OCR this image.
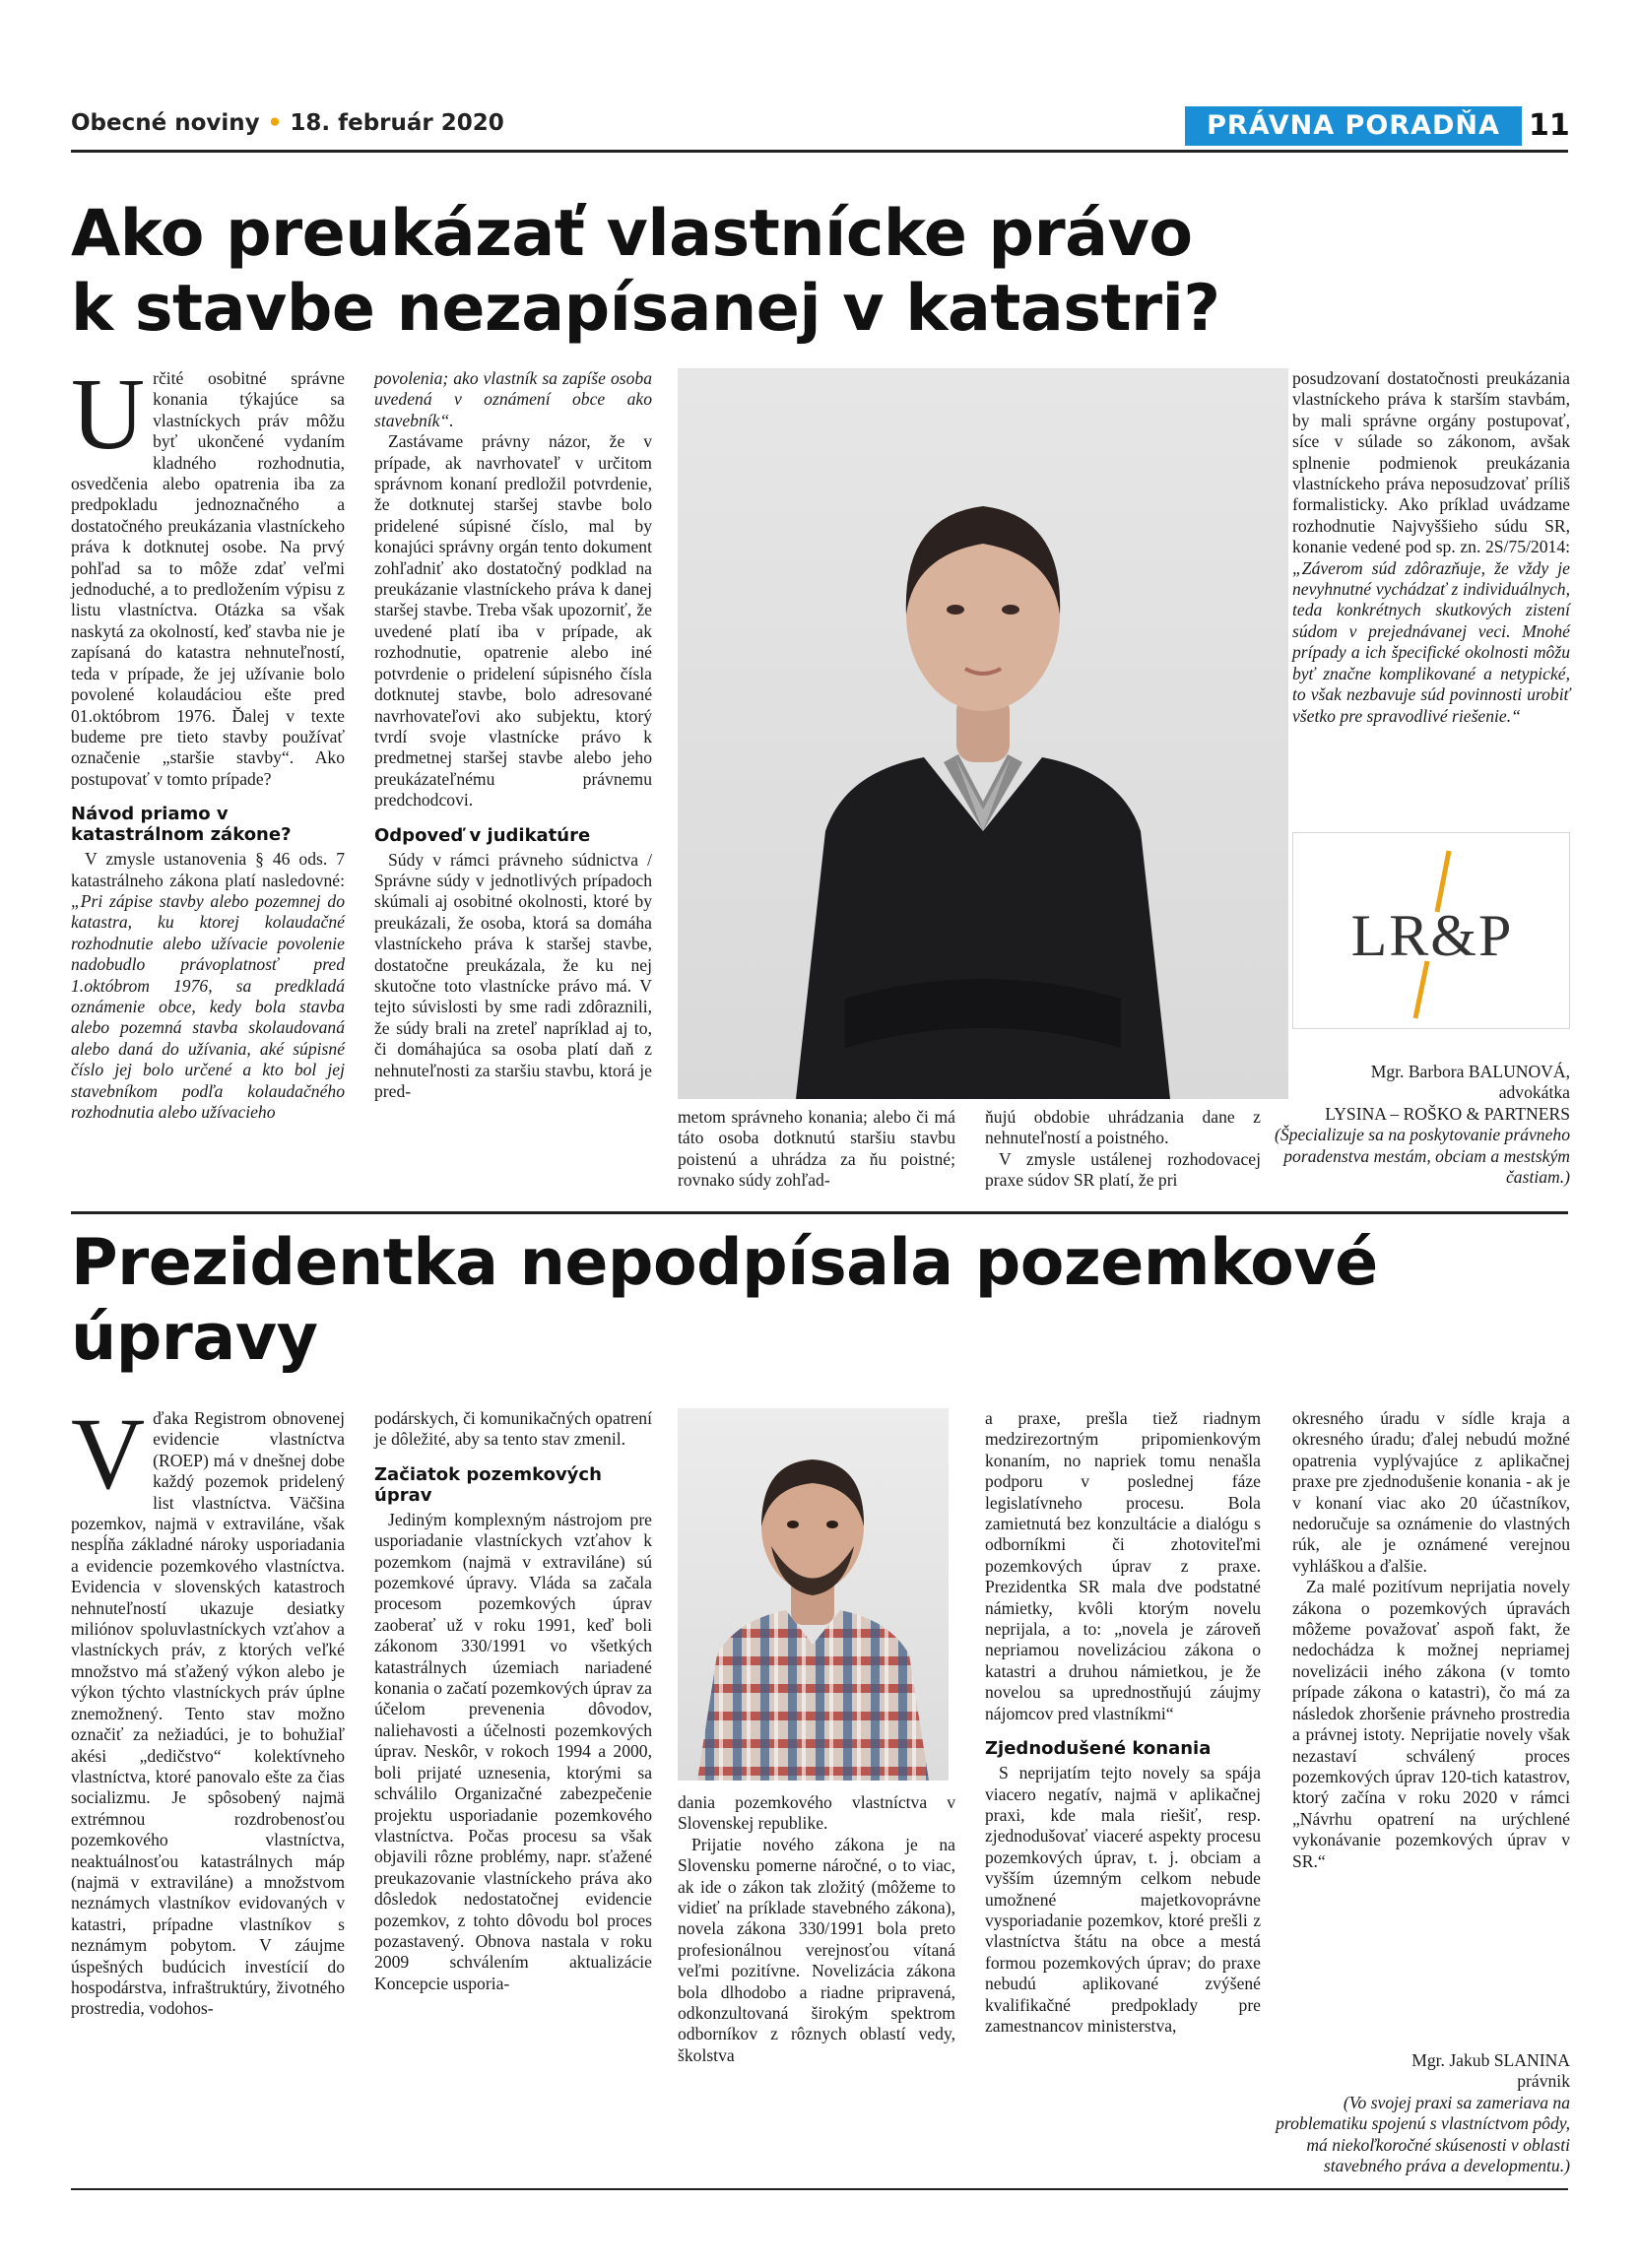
Obecné noviny • 18. február 2020	PRÁVNA PORADŇA 11
Ako preukázať vlastnícke právo
k stavbe nezapísanej v katastri?

Určité osobitné správne konania týkajúce sa vlastníckych práv môžu byť ukončené vydaním kladného rozhodnutia, osvedčenia alebo opatrenia iba za predpokladu jednoznačného a dostatočného preukázania vlastníckeho práva k dotknutej osobe. Na prvý pohľad sa to môže zdať veľmi jednoduché, a to predložením výpisu z listu vlastníctva. Otázka sa však naskytá za okolností, keď stavba nie je zapísaná do katastra nehnuteľností, teda v prípade, že jej užívanie bolo povolené kolaudáciou ešte pred 01.októbrom 1976. Ďalej v texte budeme pre tieto stavby používať označenie „staršie stavby“. Ako postupovať v tomto prípade?

Návod priamo v katastrálnom zákone?

V zmysle ustanovenia § 46 ods. 7 katastrálneho zákona platí nasledovné: „Pri zápise stavby alebo pozemnej do katastra, ku ktorej kolaudačné rozhodnutie alebo užívacie povolenie nadobudlo právoplatnosť pred 1.októbrom 1976, sa predkladá oznámenie obce, kedy bola stavba alebo pozemná stavba skolaudovaná alebo daná do užívania, aké súpisné číslo jej bolo určené a kto bol jej stavebníkom podľa kolaudačného rozhodnutia alebo užívacieho

povolenia; ako vlastník sa zapíše osoba uvedená v oznámení obce ako stavebník“.

Zastávame právny názor, že v prípade, ak navrhovateľ v určitom správnom konaní predložil potvrdenie, že dotknutej staršej stavbe bolo pridelené súpisné číslo, mal by konajúci správny orgán tento dokument zohľadniť ako dostatočný podklad na preukázanie vlastníckeho práva k danej staršej stavbe. Treba však upozorniť, že uvedené platí iba v prípade, ak rozhodnutie, opatrenie alebo iné potvrdenie o pridelení súpisného čísla dotknutej stavbe, bolo adresované navrhovateľovi ako subjektu, ktorý tvrdí svoje vlastnícke právo k predmetnej staršej stavbe alebo jeho preukázateľnému právnemu predchodcovi.

Odpoveď v judikatúre

Súdy v rámci právneho súdnictva / Správne súdy v jednotlivých prípadoch skúmali aj osobitné okolnosti, ktoré by preukázali, že osoba, ktorá sa domáha vlastníckeho práva k staršej stavbe, dostatočne preukázala, že ku nej skutočne toto vlastnícke právo má. V tejto súvislosti by sme radi zdôraznili, že súdy brali na zreteľ napríklad aj to, či domáhajúca sa osoba platí daň z nehnuteľnosti za staršiu stavbu, ktorá je pred-

metom správneho konania; alebo či má táto osoba dotknutú staršiu stavbu poistenú a uhrádza za ňu poistné; rovnako súdy zohľad-

ňujú obdobie uhrádzania dane z nehnuteľností a poistného.

V zmysle ustálenej rozhodovacej praxe súdov SR platí, že pri

posudzovaní dostatočnosti preukázania vlastníckeho práva k starším stavbám, by mali správne orgány postupovať, síce v súlade so zákonom, avšak splnenie podmienok preukázania vlastníckeho práva neposudzovať príliš formalisticky. Ako príklad uvádzame rozhodnutie Najvyššieho súdu SR, konanie vedené pod sp. zn. 2S/75/2014: „Záverom súd zdôrazňuje, že vždy je nevyhnutné vychádzať z individuálnych, teda konkrétnych skutkových zistení súdom v prejednávanej veci. Mnohé prípady a ich špecifické okolnosti môžu byť značne komplikované a netypické, to však nezbavuje súd povinnosti urobiť všetko pre spravodlivé riešenie.“

LR&P
Mgr. Barbora BALUNOVÁ,
advokátka
LYSINA – ROŠKO & PARTNERS
(Špecializuje sa na poskytovanie právneho poradenstva mestám, obciam a mestským častiam.)
Prezidentka nepodpísala pozemkové
úpravy

Vďaka Registrom obnovenej evidencie vlastníctva (ROEP) má v dnešnej dobe každý pozemok pridelený list vlastníctva. Väčšina pozemkov, najmä v extraviláne, však nespĺňa základné nároky usporiadania a evidencie pozemkového vlastníctva. Evidencia v slovenských katastroch nehnuteľností ukazuje desiatky miliónov spoluvlastníckych vzťahov a vlastníckych práv, z ktorých veľké množstvo má sťažený výkon alebo je výkon týchto vlastníckych práv úplne znemožnený. Tento stav možno označiť za nežiadúci, je to bohužiaľ akési „dedičstvo“ kolektívneho vlastníctva, ktoré panovalo ešte za čias socializmu. Je spôsobený najmä extrémnou rozdrobenosťou pozemkového vlastníctva, neaktuálnosťou katastrálnych máp (najmä v extraviláne) a množstvom neznámych vlastníkov evidovaných v katastri, prípadne vlastníkov s neznámym pobytom. V záujme úspešných budúcich investícií do hospodárstva, infraštruktúry, životného prostredia, vodohos-

podárskych, či komunikačných opatrení je dôležité, aby sa tento stav zmenil.

Začiatok pozemkových úprav

Jediným komplexným nástrojom pre usporiadanie vlastníckych vzťahov k pozemkom (najmä v extraviláne) sú pozemkové úpravy. Vláda sa začala procesom pozemkových úprav zaoberať už v roku 1991, keď boli zákonom 330/1991 vo všetkých katastrálnych územiach nariadené konania o začatí pozemkových úprav za účelom prevenenia dôvodov, naliehavosti a účelnosti pozemkových úprav. Neskôr, v rokoch 1994 a 2000, boli prijaté uznesenia, ktorými sa schválilo Organizačné zabezpečenie projektu usporiadanie pozemkového vlastníctva. Počas procesu sa však objavili rôzne problémy, napr. sťažené preukazovanie vlastníckeho práva ako dôsledok nedostatočnej evidencie pozemkov, z tohto dôvodu bol proces pozastavený. Obnova nastala v roku 2009 schválením aktualizácie Koncepcie usporia-

dania pozemkového vlastníctva v Slovenskej republike.

Prijatie nového zákona je na Slovensku pomerne náročné, o to viac, ak ide o zákon tak zložitý (môžeme to vidieť na príklade stavebného zákona), novela zákona 330/1991 bola preto profesionálnou verejnosťou vítaná veľmi pozitívne. Novelizácia zákona bola dlhodobo a riadne pripravená, odkonzultovaná širokým spektrom odborníkov z rôznych oblastí vedy, školstva

a praxe, prešla tiež riadnym medzirezortným pripomienkovým konaním, no napriek tomu nenašla podporu v poslednej fáze legislatívneho procesu. Bola zamietnutá bez konzultácie a dialógu s odborníkmi či zhotoviteľmi pozemkových úprav z praxe. Prezidentka SR mala dve podstatné námietky, kvôli ktorým novelu neprijala, a to: „novela je zároveň nepriamou novelizáciou zákona o katastri a druhou námietkou, je že novelou sa uprednostňujú záujmy nájomcov pred vlastníkmi“

Zjednodušené konania

S neprijatím tejto novely sa spája viacero negatív, najmä v aplikačnej praxi, kde mala riešiť, resp. zjednodušovať viaceré aspekty procesu pozemkových úprav, t. j. obciam a vyšším územným celkom nebude umožnené majetkovoprávne vysporiadanie pozemkov, ktoré prešli z vlastníctva štátu na obce a mestá formou pozemkových úprav; do praxe nebudú aplikované zvýšené kvalifikačné predpoklady pre zamestnancov ministerstva,

okresného úradu v sídle kraja a okresného úradu; ďalej nebudú možné opatrenia vyplývajúce z aplikačnej praxe pre zjednodušenie konania - ak je v konaní viac ako 20 účastníkov, nedoručuje sa oznámenie do vlastných rúk, ale je oznámené verejnou vyhláškou a ďalšie.

Za malé pozitívum neprijatia novely zákona o pozemkových úpravách môžeme považovať aspoň fakt, že nedochádza k možnej nepriamej novelizácii iného zákona (v tomto prípade zákona o katastri), čo má za následok zhoršenie právneho prostredia a právnej istoty. Neprijatie novely však nezastaví schválený proces pozemkových úprav 120-tich katastrov, ktorý začína v roku 2020 v rámci „Návrhu opatrení na urýchlené vykonávanie pozemkových úprav v SR.“

Mgr. Jakub SLANINA
právnik
(Vo svojej praxi sa zameriava na problematiku spojenú s vlastníctvom pôdy, má niekoľkoročné skúsenosti v oblasti stavebného práva a developmentu.)
